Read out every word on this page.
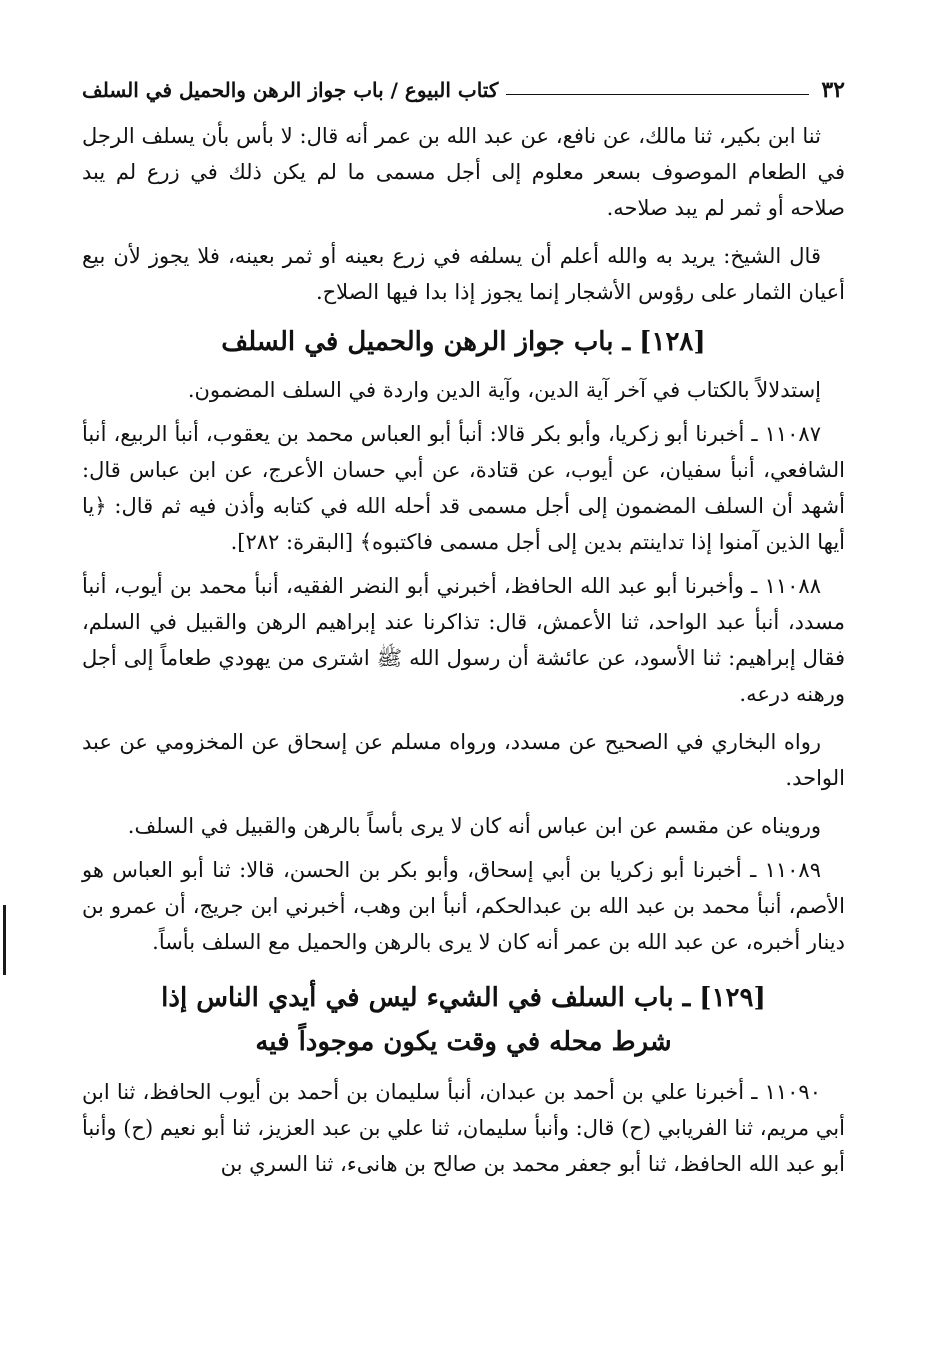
٣٢
كتاب البيوع / باب جواز الرهن والحميل في السلف

ثنا ابن بكير، ثنا مالك، عن نافع، عن عبد الله بن عمر أنه قال: لا بأس بأن يسلف الرجل في الطعام الموصوف بسعر معلوم إلى أجل مسمى ما لم يكن ذلك في زرع لم يبد صلاحه أو ثمر لم يبد صلاحه.

قال الشيخ: يريد به والله أعلم أن يسلفه في زرع بعينه أو ثمر بعينه، فلا يجوز لأن بيع أعيان الثمار على رؤوس الأشجار إنما يجوز إذا بدا فيها الصلاح.

[١٢٨] ـ باب جواز الرهن والحميل في السلف

إستدلالاً بالكتاب في آخر آية الدين، وآية الدين واردة في السلف المضمون.

١١٠٨٧ ـ أخبرنا أبو زكريا، وأبو بكر قالا: أنبأ أبو العباس محمد بن يعقوب، أنبأ الربيع، أنبأ الشافعي، أنبأ سفيان، عن أيوب، عن قتادة، عن أبي حسان الأعرج، عن ابن عباس قال: أشهد أن السلف المضمون إلى أجل مسمى قد أحله الله في كتابه وأذن فيه ثم قال: ﴿يا أيها الذين آمنوا إذا تداينتم بدين إلى أجل مسمى فاكتبوه﴾ [البقرة: ٢٨٢].

١١٠٨٨ ـ وأخبرنا أبو عبد الله الحافظ، أخبرني أبو النضر الفقيه، أنبأ محمد بن أيوب، أنبأ مسدد، أنبأ عبد الواحد، ثنا الأعمش، قال: تذاكرنا عند إبراهيم الرهن والقبيل في السلم، فقال إبراهيم: ثنا الأسود، عن عائشة أن رسول الله ﷺ اشترى من يهودي طعاماً إلى أجل ورهنه درعه.

رواه البخاري في الصحيح عن مسدد، ورواه مسلم عن إسحاق عن المخزومي عن عبد الواحد.

ورويناه عن مقسم عن ابن عباس أنه كان لا يرى بأساً بالرهن والقبيل في السلف.

١١٠٨٩ ـ أخبرنا أبو زكريا بن أبي إسحاق، وأبو بكر بن الحسن، قالا: ثنا أبو العباس هو الأصم، أنبأ محمد بن عبد الله بن عبدالحكم، أنبأ ابن وهب، أخبرني ابن جريج، أن عمرو بن دينار أخبره، عن عبد الله بن عمر أنه كان لا يرى بالرهن والحميل مع السلف بأساً.

[١٢٩] ـ باب السلف في الشيء ليس في أيدي الناس إذا
شرط محله في وقت يكون موجوداً فيه

١١٠٩٠ ـ أخبرنا علي بن أحمد بن عبدان، أنبأ سليمان بن أحمد بن أيوب الحافظ، ثنا ابن أبي مريم، ثنا الفريابي (ح) قال: وأنبأ سليمان، ثنا علي بن عبد العزيز، ثنا أبو نعيم (ح) وأنبأ أبو عبد الله الحافظ، ثنا أبو جعفر محمد بن صالح بن هانىء، ثنا السري بن
